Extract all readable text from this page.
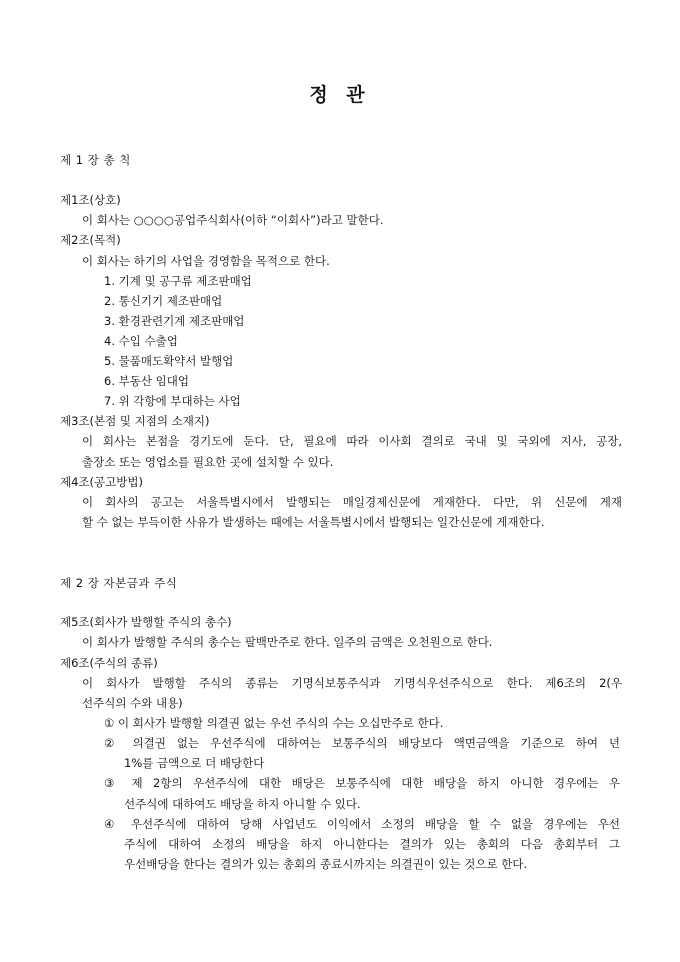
정 관
제 1 장 총 칙
제1조(상호)
이 회사는 ○○○○공업주식회사(이하 “이회사”)라고 말한다.
제2조(목적)
이 회사는 하기의 사업을 경영함을 목적으로 한다.
1. 기계 및 공구류 제조판매업
2. 통신기기 제조판매업
3. 환경관련기계 제조판매업
4. 수입 수출업
5. 물품매도확약서 발행업
6. 부동산 임대업
7. 위 각항에 부대하는 사업
제3조(본점 및 지점의 소재지)
이 회사는 본점을 경기도에 둔다. 단, 필요에 따라 이사회 결의로 국내 및 국외에 지사, 공장,
출장소 또는 영업소를 필요한 곳에 설치할 수 있다.
제4조(공고방법)
이 회사의 공고는 서울특별시에서 발행되는 매일경제신문에 게재한다. 다만, 위 신문에 게재
할 수 없는 부득이한 사유가 발생하는 때에는 서울특별시에서 발행되는 일간신문에 게재한다.
제 2 장 자본금과 주식
제5조(회사가 발행할 주식의 총수)
이 회사가 발행할 주식의 총수는 팔백만주로 한다. 일주의 금액은 오천원으로 한다.
제6조(주식의 종류)
이 회사가 발행할 주식의 종류는 기명식보통주식과 기명식우선주식으로 한다. 제6조의 2(우
선주식의 수와 내용)
① 이 회사가 발행할 의결권 없는 우선 주식의 수는 오십만주로 한다.
② 의결권 없는 우선주식에 대하여는 보통주식의 배당보다 액면금액을 기준으로 하여 년
1%를 금액으로 더 배당한다
③ 제 2항의 우선주식에 대한 배당은 보통주식에 대한 배당을 하지 아니한 경우에는 우
선주식에 대하여도 배당을 하지 아니할 수 있다.
④ 우선주식에 대하여 당해 사업년도 이익에서 소정의 배당을 할 수 없을 경우에는 우선
주식에 대하여 소정의 배당을 하지 아니한다는 결의가 있는 총회의 다음 총회부터 그
우선배당을 한다는 결의가 있는 총회의 종료시까지는 의결권이 있는 것으로 한다.
